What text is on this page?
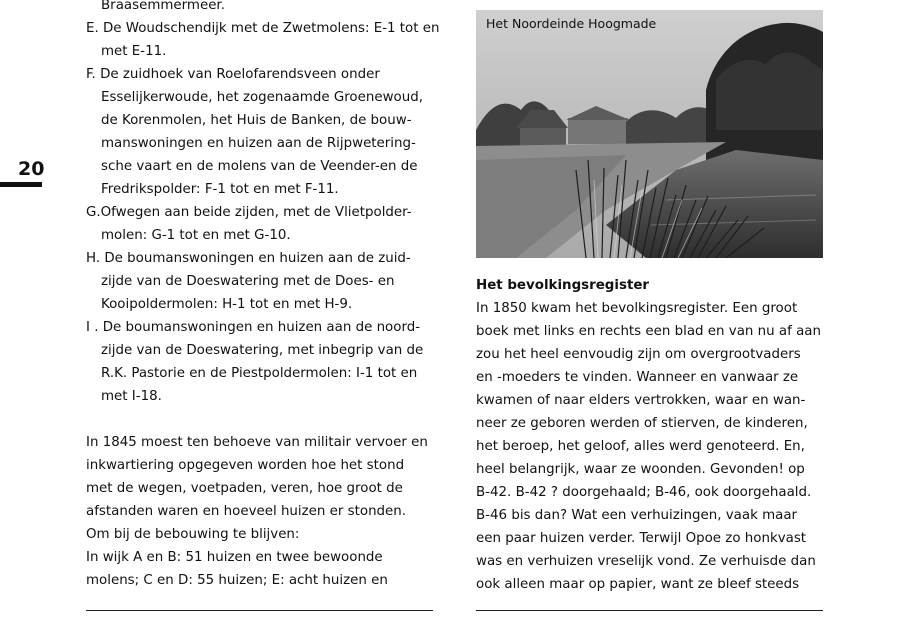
20
Braasemmermeer.
E. De Woudschendijk met de Zwetmolens: E-1 tot en
met E-11.
F. De zuidhoek van Roelofarendsveen onder
Esselijkerwoude, het zogenaamde Groenewoud,
de Korenmolen, het Huis de Banken, de bouw-
manswoningen en huizen aan de Rijpwetering-
sche vaart en de molens van de Veender-en de
Fredrikspolder: F-1 tot en met F-11.
G.Ofwegen aan beide zijden, met de Vlietpolder-
molen: G-1 tot en met G-10.
H. De boumanswoningen en huizen aan de zuid-
zijde van de Doeswatering met de Does- en
Kooipoldermolen: H-1 tot en met H-9.
I . De boumanswoningen en huizen aan de noord-
zijde van de Doeswatering, met inbegrip van de
R.K. Pastorie en de Piestpoldermolen: I-1 tot en
met I-18.
In 1845 moest ten behoeve van militair vervoer en
inkwartiering opgegeven worden hoe het stond
met de wegen, voetpaden, veren, hoe groot de
afstanden waren en hoeveel huizen er stonden.
Om bij de bebouwing te blijven:
In wijk A en B: 51 huizen en twee bewoonde
molens; C en D: 55 huizen; E: acht huizen en
Het Noordeinde Hoogmade
Het bevolkingsregister
In 1850 kwam het bevolkingsregister. Een groot
boek met links en rechts een blad en van nu af aan
zou het heel eenvoudig zijn om overgrootvaders
en -moeders te vinden. Wanneer en vanwaar ze
kwamen of naar elders vertrokken, waar en wan-
neer ze geboren werden of stierven, de kinderen,
het beroep, het geloof, alles werd genoteerd. En,
heel belangrijk, waar ze woonden. Gevonden! op
B-42. B-42 ? doorgehaald; B-46, ook doorgehaald.
B-46 bis dan? Wat een verhuizingen, vaak maar
een paar huizen verder. Terwijl Opoe zo honkvast
was en verhuizen vreselijk vond. Ze verhuisde dan
ook alleen maar op papier, want ze bleef steeds
